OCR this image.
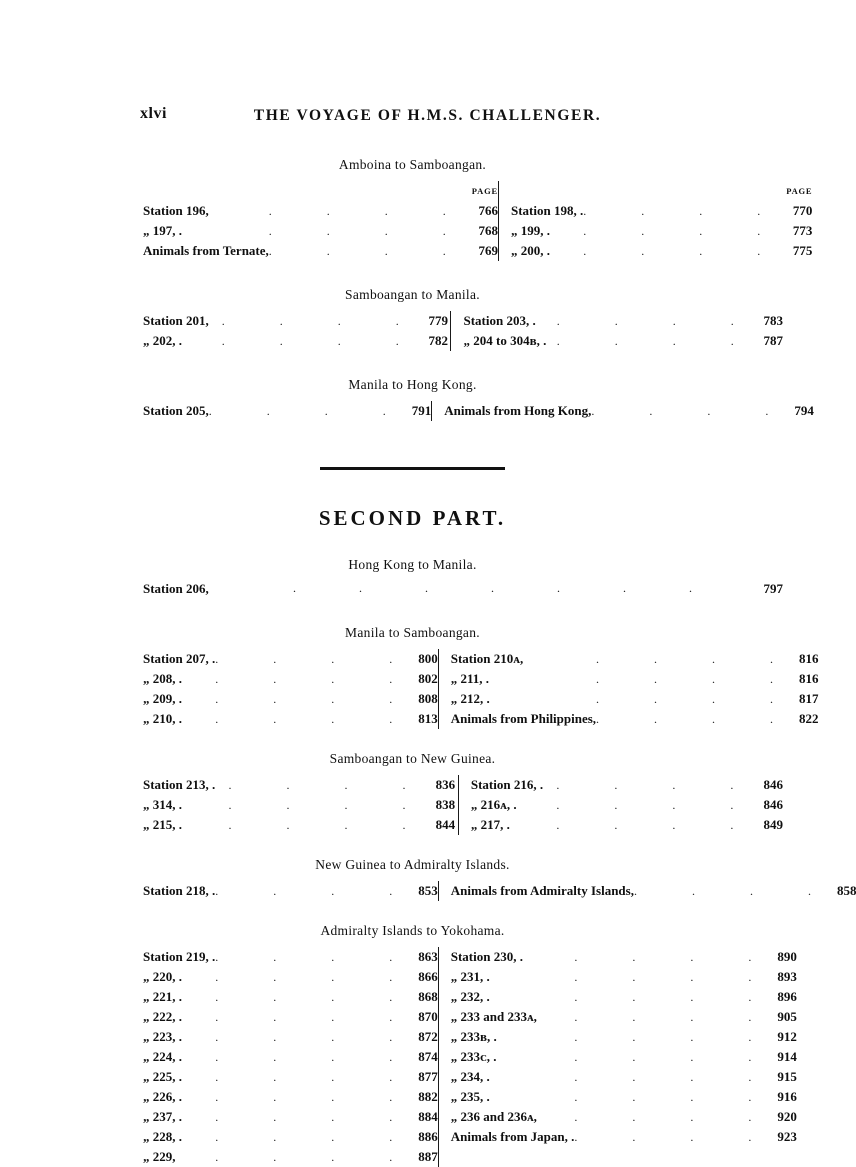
xlvi	THE VOYAGE OF H.M.S. CHALLENGER.
Amboina to Samboangan.
		PAGE				PAGE
Station 196,	. . . .	766		Station 198, .	. . . .	770
„ 197, .	. . . .	768		„ 199, .	. . . .	773
Animals from Ternate,	. . . .	769		„ 200, .	. . . .	775
Samboangan to Manila.
Station 201,	. . . .	779		Station 203, .	. . . .	783
„ 202, .	. . . .	782		„ 204 to 304ʙ, .	. . . .	787
Manila to Hong Kong.
Station 205,	. . . .	791		Animals from Hong Kong,	. . . .	794
SECOND PART.
Hong Kong to Manila.
Station 206,	. . . . . . .	797
Manila to Samboangan.
Station 207, .	. . . .	800		Station 210ᴀ,	. . . .	816
„ 208, .	. . . .	802		„ 211, .	. . . .	816
„ 209, .	. . . .	808		„ 212, .	. . . .	817
„ 210, .	. . . .	813		Animals from Philippines,	. . . .	822
Samboangan to New Guinea.
Station 213, .	. . . .	836		Station 216, .	. . . .	846
„ 314, .	. . . .	838		„ 216ᴀ, .	. . . .	846
„ 215, .	. . . .	844		„ 217, .	. . . .	849
New Guinea to Admiralty Islands.
Station 218, .	. . . .	853		Animals from Admiralty Islands,	. . . .	858
Admiralty Islands to Yokohama.
Station 219, .	. . . .	863		Station 230, .	. . . .	890
„ 220, .	. . . .	866		„ 231, .	. . . .	893
„ 221, .	. . . .	868		„ 232, .	. . . .	896
„ 222, .	. . . .	870		„ 233 and 233ᴀ,	. . . .	905
„ 223, .	. . . .	872		„ 233ʙ, .	. . . .	912
„ 224, .	. . . .	874		„ 233ᴄ, .	. . . .	914
„ 225, .	. . . .	877		„ 234, .	. . . .	915
„ 226, .	. . . .	882		„ 235, .	. . . .	916
„ 237, .	. . . .	884		„ 236 and 236ᴀ,	. . . .	920
„ 228, .	. . . .	886		Animals from Japan, .	. . . .	923
„ 229,	. . . .	887				
